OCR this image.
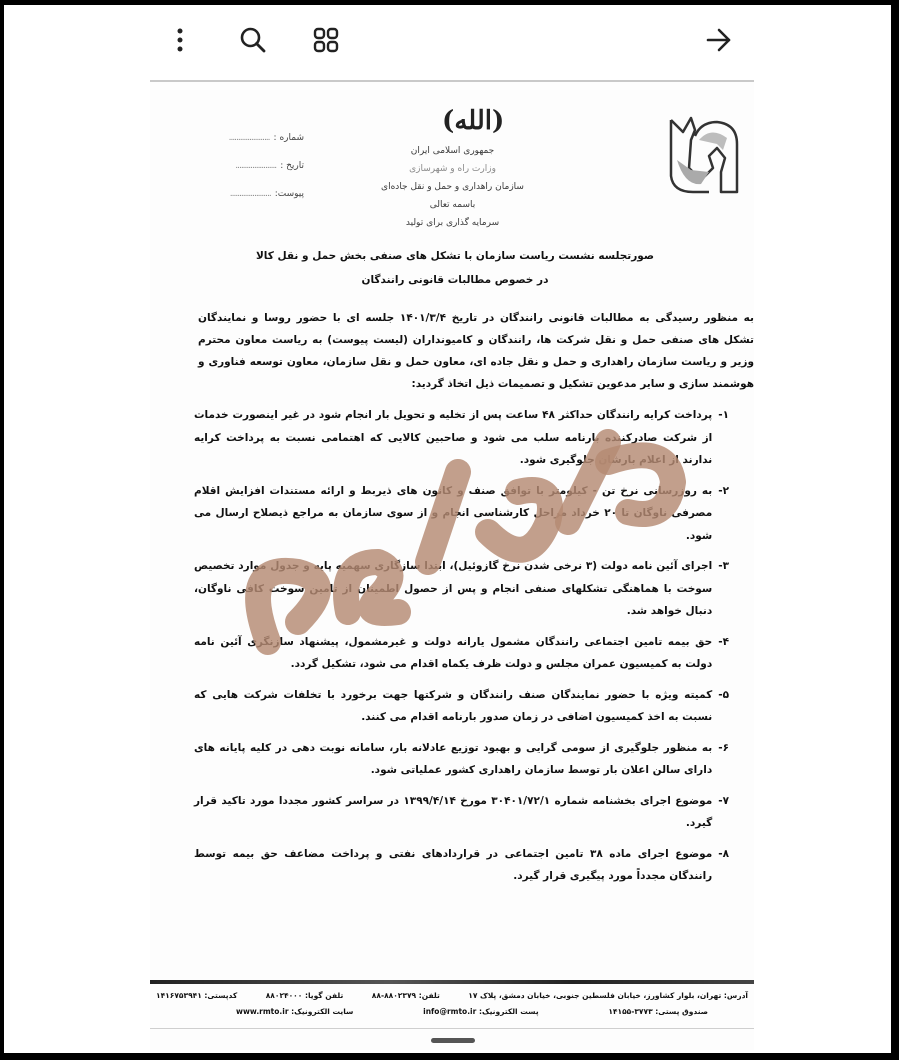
شماره :
......................
تاریخ :
......................
پیوست:
......................
(الله)
جمهوری اسلامی ایران
وزارت راه و شهرسازی
سازمان راهداری و حمل و نقل جاده‌ای
باسمه تعالی
سرمایه گذاری برای تولید
صورتجلسه نشست ریاست سازمان با تشکل های صنفی بخش حمل و نقل کالا
در خصوص مطالبات قانونی رانندگان
به منظور رسیدگی به مطالبات قانونی رانندگان در تاریخ ۱۴۰۱/۳/۴ جلسه ای با حضور روسا و نمایندگان تشکل های صنفی حمل و نقل شرکت ها، رانندگان و کامیونداران (لیست پیوست) به ریاست معاون محترم وزیر و ریاست سازمان راهداری و حمل و نقل جاده ای، معاون حمل و نقل سازمان، معاون توسعه فناوری و هوشمند سازی و سایر مدعوین تشکیل و تصمیمات ذیل اتخاذ گردید:
۱-
پرداخت کرایه رانندگان حداکثر ۴۸ ساعت پس از تخلیه و تحویل بار انجام شود در غیر اینصورت خدمات از شرکت صادرکننده بارنامه سلب می شود و صاحبین کالایی که اهتمامی نسبت به پرداخت کرایه ندارند از اعلام بارشان جلوگیری شود.
۲-
به روزرسانی نرخ تن - کیلومتر با توافق صنف و کانون های ذیربط و ارائه مستندات افزایش اقلام مصرفی ناوگان تا ۲۰ خرداد مراحل کارشناسی انجام و از سوی سازمان به مراجع ذیصلاح ارسال می شود.
۳-
اجرای آئین نامه دولت (۳ نرخی شدن نرخ گازوئیل)، ابتدا سازگاری سهمیه پایه و جدول موارد تخصیص سوخت با هماهنگی تشکلهای صنفی انجام و پس از حصول اطمینان از تامین سوخت کافی ناوگان، دنبال خواهد شد.
۴-
حق بیمه تامین اجتماعی رانندگان مشمول یارانه دولت و غیرمشمول، پیشنهاد سازنگری آئین نامه دولت به کمیسیون عمران مجلس و دولت ظرف یکماه اقدام می شود، تشکیل گردد.
۵-
کمیته ویژه با حضور نمایندگان صنف رانندگان و شرکتها جهت برخورد با تخلفات شرکت هایی که نسبت به اخذ کمیسیون اضافی در زمان صدور بارنامه اقدام می کنند.
۶-
به منظور جلوگیری از سومی گرایی و بهبود توزیع عادلانه بار، سامانه نوبت دهی در کلیه پایانه های دارای سالن اعلان بار توسط سازمان راهداری کشور عملیاتی شود.
۷-
موضوع اجرای بخشنامه شماره ۳۰۴۰۱/۷۲/۱ مورخ ۱۳۹۹/۴/۱۴ در سراسر کشور مجددا مورد تاکید قرار گیرد.
۸-
موضوع اجرای ماده ۳۸ تامین اجتماعی در قراردادهای نفتی و پرداخت مضاعف حق بیمه توسط رانندگان مجدداً مورد پیگیری قرار گیرد.
آدرس: تهران، بلوار کشاورز، خیابان فلسطین جنوبی، خیابان دمشق، پلاک ۱۷
تلفن: ۸۸۰۲۳۷۹-۸۸
تلفن گویا: ۸۸۰۲۴۰۰۰
کدپستی: ۱۴۱۶۷۵۳۹۴۱
صندوق پستی: ۳۷۷۳-۱۴۱۵۵
پست الکترونیک: info@rmto.ir
سایت الکترونیک: www.rmto.ir
